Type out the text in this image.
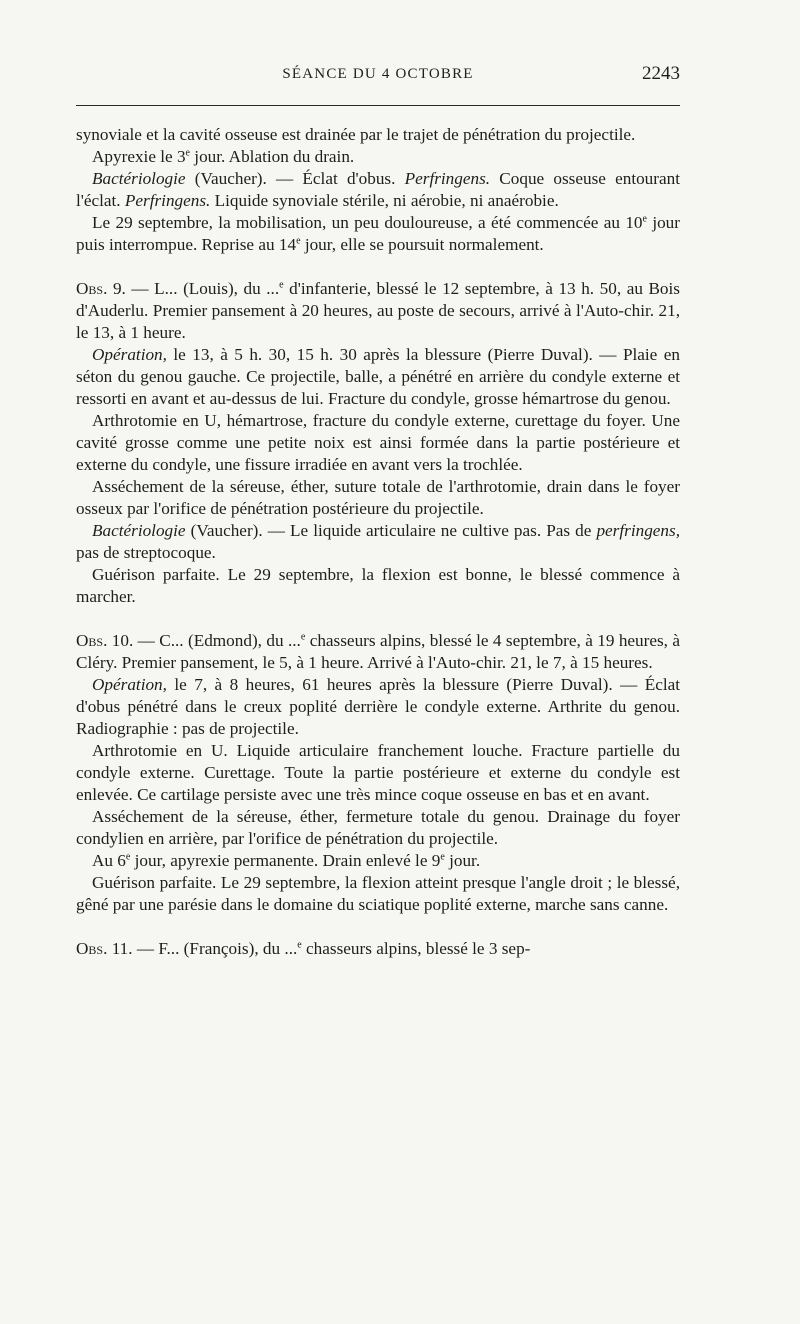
SÉANCE DU 4 OCTOBRE	2243

synoviale et la cavité osseuse est drainée par le trajet de pénétration du projectile.

Apyrexie le 3e jour. Ablation du drain.

Bactériologie (Vaucher). — Éclat d'obus. Perfringens. Coque osseuse entourant l'éclat. Perfringens. Liquide synoviale stérile, ni aérobie, ni anaérobie.

Le 29 septembre, la mobilisation, un peu douloureuse, a été commencée au 10e jour puis interrompue. Reprise au 14e jour, elle se poursuit normalement.

Obs. 9. — L... (Louis), du ...$^e$ d'infanterie, blessé le 12 septembre, à 13 h. 50, au Bois d'Auderlu. Premier pansement à 20 heures, au poste de secours, arrivé à l'Auto-chir. 21, le 13, à 1 heure.

Opération, le 13, à 5 h. 30, 15 h. 30 après la blessure (Pierre Duval). — Plaie en séton du genou gauche. Ce projectile, balle, a pénétré en arrière du condyle externe et ressorti en avant et au-dessus de lui. Fracture du condyle, grosse hémartrose du genou.

Arthrotomie en U, hémartrose, fracture du condyle externe, curettage du foyer. Une cavité grosse comme une petite noix est ainsi formée dans la partie postérieure et externe du condyle, une fissure irradiée en avant vers la trochlée.

Asséchement de la séreuse, éther, suture totale de l'arthrotomie, drain dans le foyer osseux par l'orifice de pénétration postérieure du projectile.

Bactériologie (Vaucher). — Le liquide articulaire ne cultive pas. Pas de perfringens, pas de streptocoque.

Guérison parfaite. Le 29 septembre, la flexion est bonne, le blessé commence à marcher.

Obs. 10. — C... (Edmond), du ...$^e$ chasseurs alpins, blessé le 4 septembre, à 19 heures, à Cléry. Premier pansement, le 5, à 1 heure. Arrivé à l'Auto-chir. 21, le 7, à 15 heures.

Opération, le 7, à 8 heures, 61 heures après la blessure (Pierre Duval). — Éclat d'obus pénétré dans le creux poplité derrière le condyle externe. Arthrite du genou. Radiographie : pas de projectile.

Arthrotomie en U. Liquide articulaire franchement louche. Fracture partielle du condyle externe. Curettage. Toute la partie postérieure et externe du condyle est enlevée. Ce cartilage persiste avec une très mince coque osseuse en bas et en avant.

Asséchement de la séreuse, éther, fermeture totale du genou. Drainage du foyer condylien en arrière, par l'orifice de pénétration du projectile.

Au 6e jour, apyrexie permanente. Drain enlevé le 9e jour.

Guérison parfaite. Le 29 septembre, la flexion atteint presque l'angle droit ; le blessé, gêné par une parésie dans le domaine du sciatique poplité externe, marche sans canne.

Obs. 11. — F... (François), du ...$^e$ chasseurs alpins, blessé le 3 sep-
